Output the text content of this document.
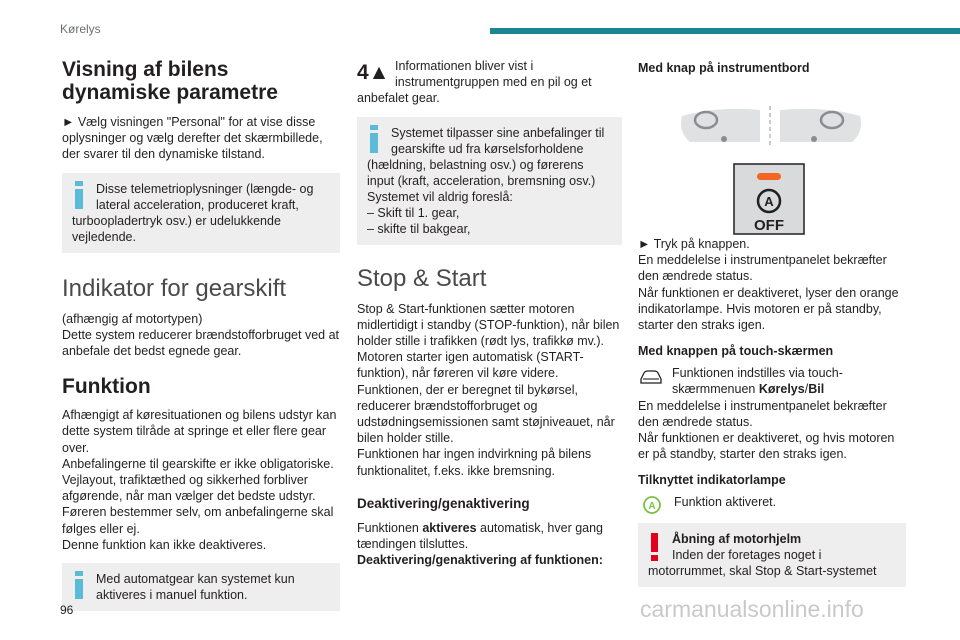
Kørelys
Visning af bilens dynamiske parametre

► Vælg visningen "Personal" for at vise disse oplysninger og vælg derefter det skærmbillede, der svarer til den dynamiske tilstand.

Disse telemetrioplysninger (længde- og lateral acceleration, produceret kraft, turboopladertryk osv.) er udelukkende vejledende.

Indikator for gearskift

(afhængig af motortypen)
Dette system reducerer brændstofforbruget ved at anbefale det bedst egnede gear.

Funktion

Afhængigt af køresituationen og bilens udstyr kan dette system tilråde at springe et eller flere gear over.
Anbefalingerne til gearskifte er ikke obligatoriske. Vejlayout, trafiktæthed og sikkerhed forbliver afgørende, når man vælger det bedste udstyr. Føreren bestemmer selv, om anbefalingerne skal følges eller ej.
Denne funktion kan ikke deaktiveres.

Med automatgear kan systemet kun aktiveres i manuel funktion.

4▲ Informationen bliver vist i instrumentgruppen med en pil og et anbefalet gear.

Systemet tilpasser sine anbefalinger til gearskifte ud fra kørselsforholdene (hældning, belastning osv.) og førerens input (kraft, acceleration, bremsning osv.)
Systemet vil aldrig foreslå:
– Skift til 1. gear,
– skifte til bakgear,

Stop & Start

Stop & Start-funktionen sætter motoren midlertidigt i standby (STOP-funktion), når bilen holder stille i trafikken (rødt lys, trafikkø mv.). Motoren starter igen automatisk (START-funktion), når føreren vil køre videre. Funktionen, der er beregnet til bykørsel, reducerer brændstofforbruget og udstødningsemissionen samt støjniveauet, når bilen holder stille.
Funktionen har ingen indvirkning på bilens funktionalitet, f.eks. ikke bremsning.

Deaktivering/genaktivering

Funktionen aktiveres automatisk, hver gang tændingen tilsluttes.

Deaktivering/genaktivering af funktionen:

Med knap på instrumentbord
A
OFF

► Tryk på knappen.
En meddelelse i instrumentpanelet bekræfter den ændrede status.
Når funktionen er deaktiveret, lyser den orange indikatorlampe. Hvis motoren er på standby, starter den straks igen.

Med knappen på touch-skærmen

Funktionen indstilles via touch-skærmmenuen Kørelys/Bil

En meddelelse i instrumentpanelet bekræfter den ændrede status.
Når funktionen er deaktiveret, og hvis motoren er på standby, starter den straks igen.

Tilknyttet indikatorlampe
A	Funktion aktiveret.

Åbning af motorhjelm

Inden der foretages noget i motorrummet, skal Stop & Start-systemet

96	carmanualsonline.info
